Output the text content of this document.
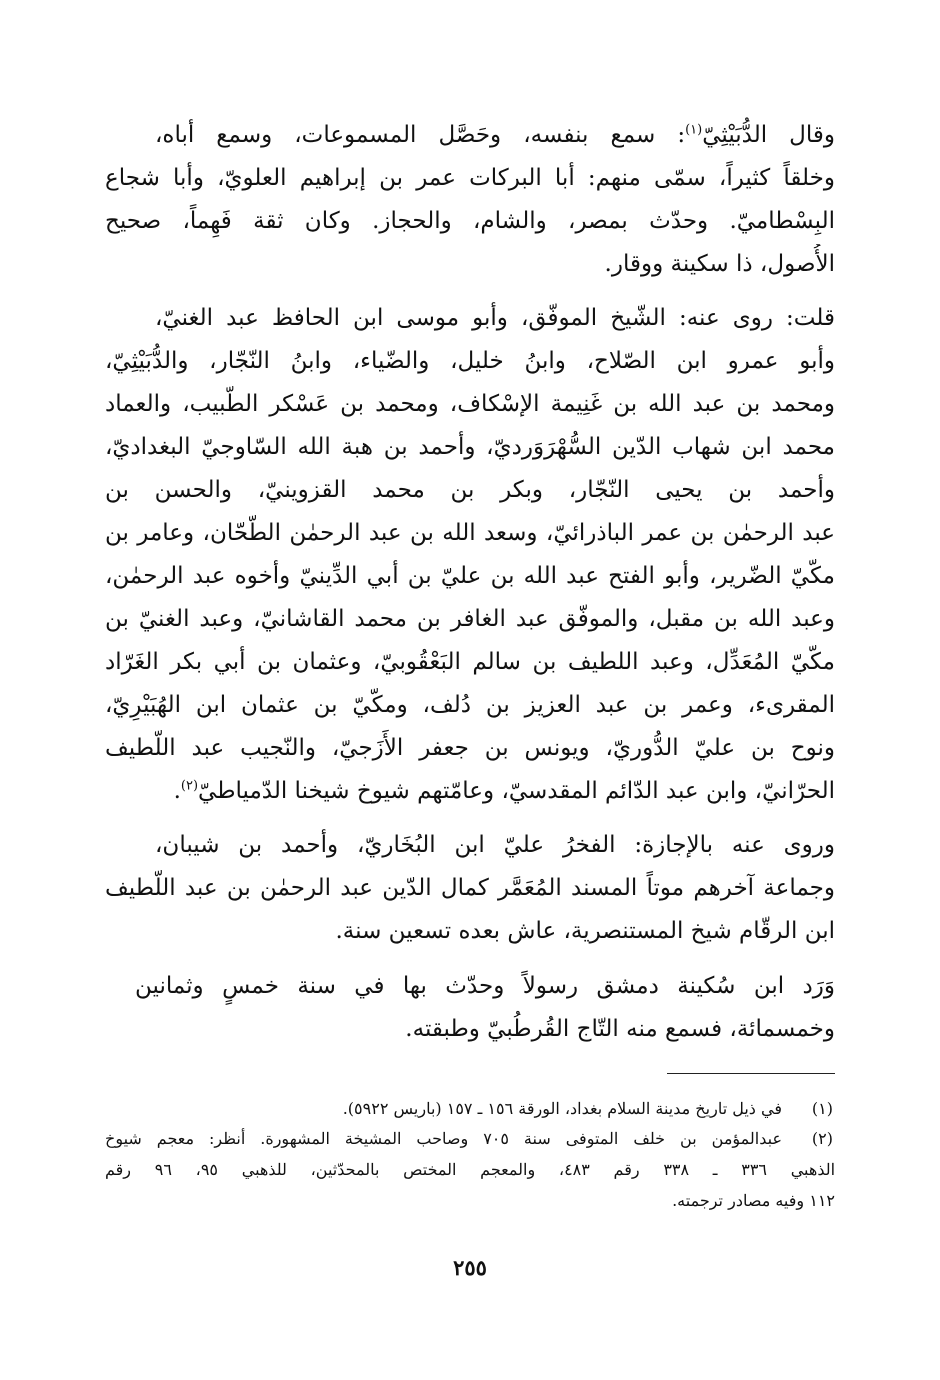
وقال الدُّبَيْثِيّ$^{(١)}$: سمع بنفسه، وحَصَّل المسموعات، وسمع أباه،
وخلقاً كثيراً، سمّى منهم: أبا البركات عمر بن إبراهيم العلويّ، وأبا شجاع
البِسْطاميّ. وحدّث بمصر، والشام، والحجاز. وكان ثقة فَهِماً، صحيح
الأُصول، ذا سكينة ووقار.
قلت: روى عنه: الشّيخ الموفّق، وأبو موسى ابن الحافظ عبد الغنيّ،
وأبو عمرو ابن الصّلاح، وابنُ خليل، والضّياء، وابنُ النّجّار، والدُّبَيْثِيّ،
ومحمد بن عبد الله بن غَنِيمة الإسْكاف، ومحمد بن عَسْكر الطّبيب، والعماد
محمد ابن شهاب الدّين السُّهْرَوَرديّ، وأحمد بن هبة الله السّاوجيّ البغداديّ،
وأحمد بن يحيى النّجّار، وبكر بن محمد القزوينيّ، والحسن بن
عبد الرحمٰن بن عمر الباذرائيّ، وسعد الله بن عبد الرحمٰن الطّحّان، وعامر بن
مكّيّ الضّرير، وأبو الفتح عبد الله بن عليّ بن أبي الدِّينيّ وأخوه عبد الرحمٰن،
وعبد الله بن مقبل، والموفّق عبد الغافر بن محمد القاشانيّ، وعبد الغنيّ بن
مكّيّ المُعَدِّل، وعبد اللطيف بن سالم البَعْقُوبيّ، وعثمان بن أبي بكر الغَرّاد
المقرىء، وعمر بن عبد العزيز بن دُلف، ومكّيّ بن عثمان ابن الهُبَيْرِيّ،
ونوح بن عليّ الدُّوريّ، ويونس بن جعفر الأَزَجيّ، والنّجيب عبد اللّطيف
الحرّانيّ، وابن عبد الدّائم المقدسيّ، وعامّتهم شيوخ شيخنا الدّمياطيّ$^{(٢)}$.
وروى عنه بالإجازة: الفخرُ عليّ ابن البُخَاريّ، وأحمد بن شيبان،
وجماعة آخرهم موتاً المسند المُعَمَّر كمال الدّين عبد الرحمٰن بن عبد اللّطيف
ابن الرقّام شيخ المستنصرية، عاش بعده تسعين سنة.
وَرَد ابن سُكينة دمشق رسولاً وحدّث بها في سنة خمسٍ وثمانين
وخمسمائة، فسمع منه التّاج القُرطُبيّ وطبقته.
(١)
في ذيل تاريخ مدينة السلام بغداد، الورقة ١٥٦ ـ ١٥٧ (باريس ٥٩٢٢).
(٢)
عبدالمؤمن بن خلف المتوفى سنة ٧٠٥ وصاحب المشيخة المشهورة. أنظر: معجم شيوخ
الذهبي ٣٣٦ ـ ٣٣٨ رقم ٤٨٣، والمعجم المختص بالمحدّثين، للذهبي ٩٥، ٩٦ رقم
١١٢ وفيه مصادر ترجمته.
٢٥٥
